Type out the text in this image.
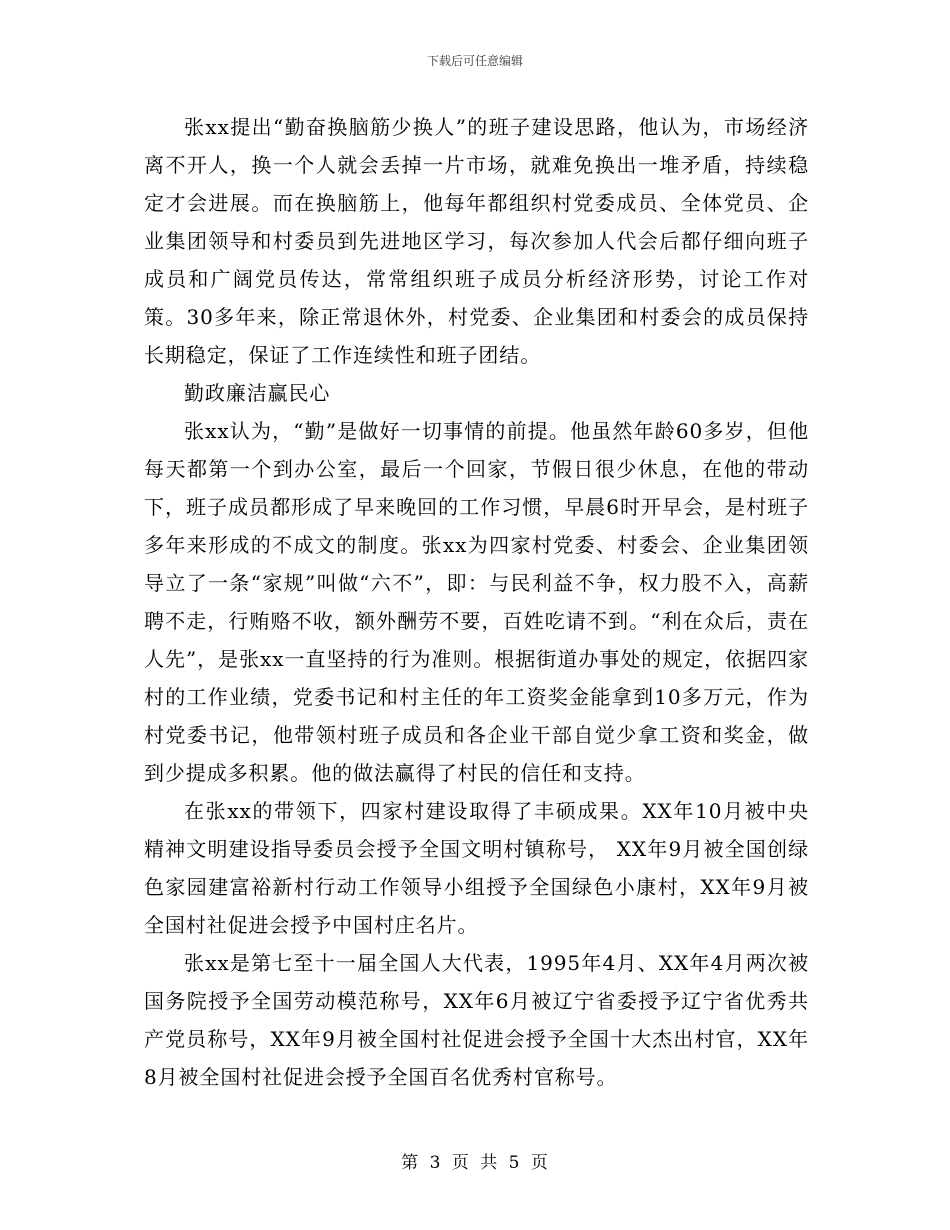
下载后可任意编辑

张xx提出“勤奋换脑筋少换人”的班子建设思路，他认为，市场经济离不开人，换一个人就会丢掉一片市场，就难免换出一堆矛盾，持续稳定才会进展。而在换脑筋上，他每年都组织村党委成员、全体党员、企业集团领导和村委员到先进地区学习，每次参加人代会后都仔细向班子成员和广阔党员传达，常常组织班子成员分析经济形势，讨论工作对策。30多年来，除正常退休外，村党委、企业集团和村委会的成员保持长期稳定，保证了工作连续性和班子团结。

勤政廉洁赢民心

张xx认为，“勤”是做好一切事情的前提。他虽然年龄60多岁，但他每天都第一个到办公室，最后一个回家，节假日很少休息，在他的带动下，班子成员都形成了早来晚回的工作习惯，早晨6时开早会，是村班子多年来形成的不成文的制度。张xx为四家村党委、村委会、企业集团领导立了一条“家规”叫做“六不”，即：与民利益不争，权力股不入，高薪聘不走，行贿赂不收，额外酬劳不要，百姓吃请不到。“利在众后，责在人先”，是张xx一直坚持的行为准则。根据街道办事处的规定，依据四家村的工作业绩，党委书记和村主任的年工资奖金能拿到10多万元，作为村党委书记，他带领村班子成员和各企业干部自觉少拿工资和奖金，做到少提成多积累。他的做法赢得了村民的信任和支持。

在张xx的带领下，四家村建设取得了丰硕成果。XX年10月被中央精神文明建设指导委员会授予全国文明村镇称号， XX年9月被全国创绿色家园建富裕新村行动工作领导小组授予全国绿色小康村，XX年9月被全国村社促进会授予中国村庄名片。

张xx是第七至十一届全国人大代表，1995年4月、XX年4月两次被国务院授予全国劳动模范称号，XX年6月被辽宁省委授予辽宁省优秀共产党员称号，XX年9月被全国村社促进会授予全国十大杰出村官，XX年8月被全国村社促进会授予全国百名优秀村官称号。

第 3 页 共 5 页
